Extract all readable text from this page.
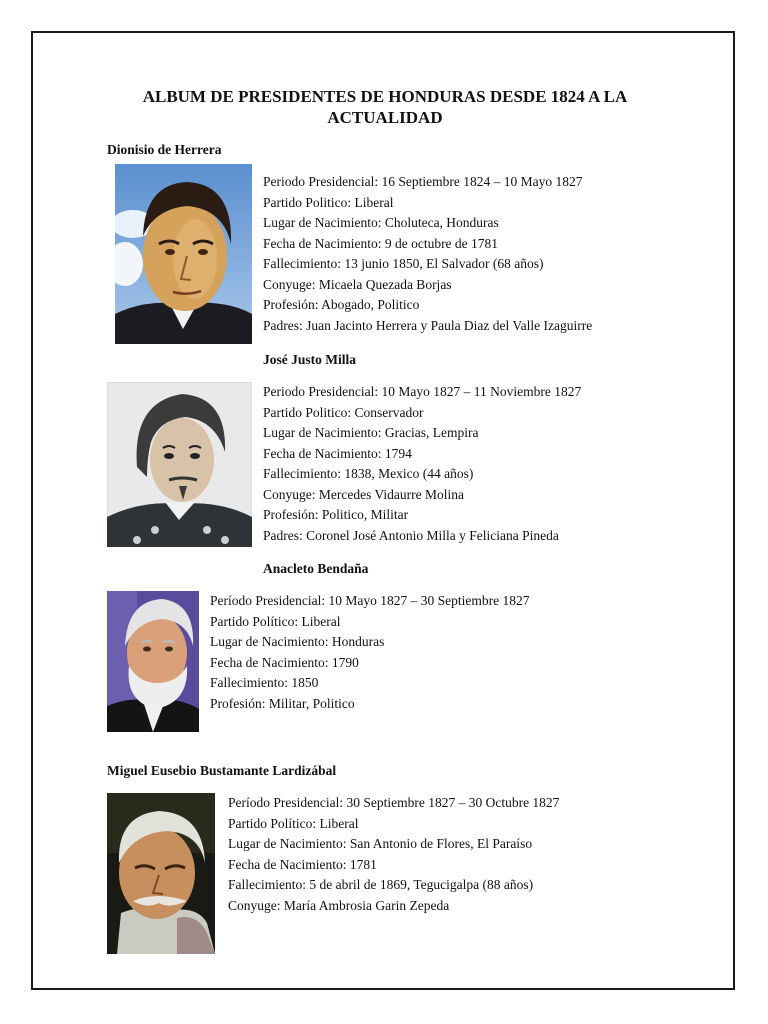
ALBUM DE PRESIDENTES DE HONDURAS DESDE 1824 A LA ACTUALIDAD

Dionisio de Herrera

Periodo Presidencial: 16 Septiembre 1824 – 10 Mayo 1827
Partido Politico: Liberal
Lugar de Nacimiento: Choluteca, Honduras
Fecha de Nacimiento: 9 de octubre de 1781
Fallecimiento: 13 junio 1850, El Salvador (68 años)
Conyuge: Micaela Quezada Borjas
Profesión: Abogado, Politico
Padres: Juan Jacinto Herrera y Paula Diaz del Valle Izaguirre

José Justo Milla

Periodo Presidencial: 10 Mayo 1827 – 11 Noviembre 1827
Partido Politico: Conservador
Lugar de Nacimiento: Gracias, Lempira
Fecha de Nacimiento: 1794
Fallecimiento: 1838, Mexico (44 años)
Conyuge: Mercedes Vidaurre Molina
Profesión: Politico, Militar
Padres: Coronel José Antonio Milla y Feliciana Pineda

Anacleto Bendaña

Período Presidencial: 10 Mayo 1827 – 30 Septiembre 1827
Partido Político: Liberal
Lugar de Nacimiento: Honduras
Fecha de Nacimiento: 1790
Fallecimiento: 1850
Profesión: Militar, Politico

Miguel Eusebio Bustamante Lardizábal

Período Presidencial: 30 Septiembre 1827 – 30 Octubre 1827
Partido Político: Liberal
Lugar de Nacimiento: San Antonio de Flores, El Paraíso
Fecha de Nacimiento: 1781
Fallecimiento: 5 de abril de 1869, Tegucigalpa (88 años)
Conyuge: María Ambrosia Garin Zepeda
